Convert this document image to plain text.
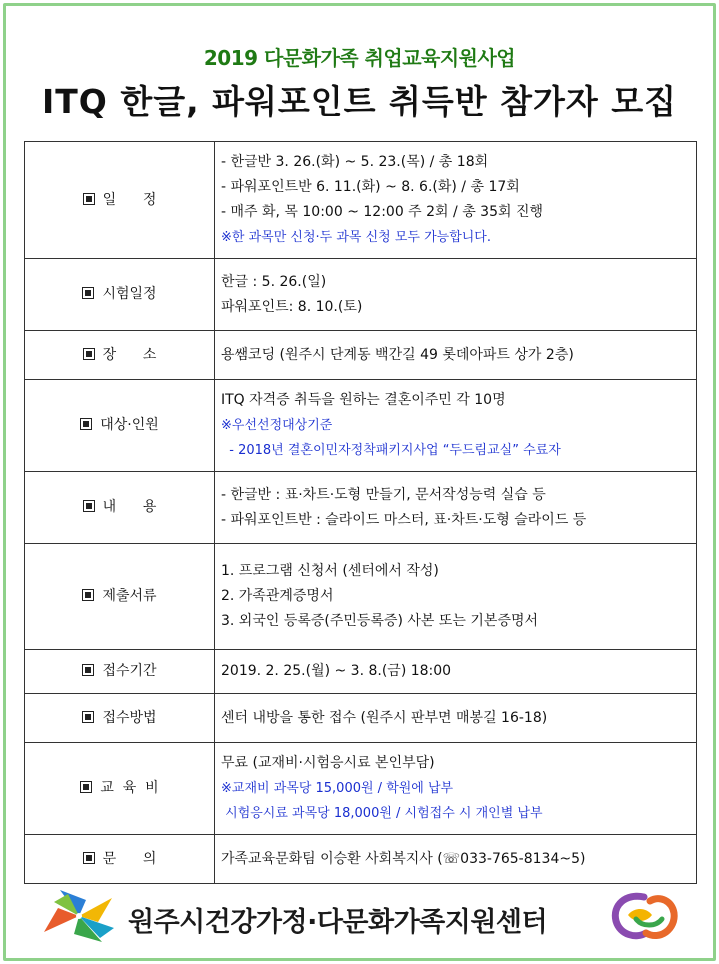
2019 다문화가족 취업교육지원사업
ITQ 한글, 파워포인트 취득반 참가자 모집
일      정	- 한글반 3. 26.(화) ~ 5. 23.(목) / 총 18회
- 파워포인트반 6. 11.(화) ~ 8. 6.(화) / 총 17회
- 매주 화, 목 10:00 ~ 12:00 주 2회 / 총 35회 진행
※한 과목만 신청·두 과목 신청 모두 가능합니다.

시험일정	한글 : 5. 26.(일)
파워포인트: 8. 10.(토)

장      소	용쌤코딩 (원주시 단계동 백간길 49 롯데아파트 상가 2층)

대상·인원	ITQ 자격증 취득을 원하는 결혼이주민 각 10명
※우선선정대상기준
- 2018년 결혼이민자정착패키지사업 “두드림교실” 수료자

내      용	- 한글반 : 표·차트·도형 만들기, 문서작성능력 실습 등
- 파워포인트반 : 슬라이드 마스터, 표·차트·도형 슬라이드 등

제출서류	1. 프로그램 신청서 (센터에서 작성)
2. 가족관계증명서
3. 외국인 등록증(주민등록증) 사본 또는 기본증명서

접수기간	2019. 2. 25.(월) ~ 3. 8.(금) 18:00

접수방법	센터 내방을 통한 접수 (원주시 판부면 매봉길 16-18)

교  육  비	무료 (교재비·시험응시료 본인부담)
※교재비 과목당 15,000원 / 학원에 납부
시험응시료 과목당 18,000원 / 시험접수 시 개인별 납부

문      의	가족교육문화팀 이승환 사회복지사 (☏033-765-8134~5)
원주시건강가정·다문화가족지원센터
